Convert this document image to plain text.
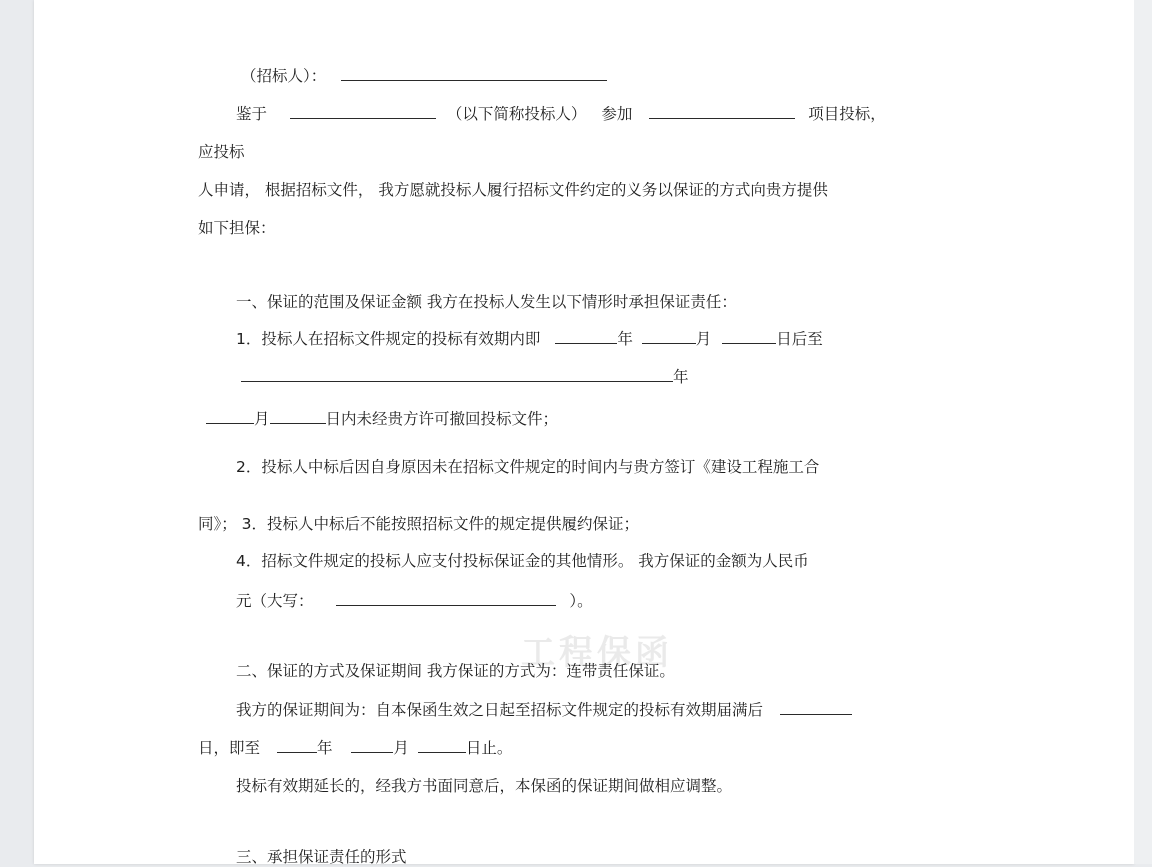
（招标人）：
鉴于	（以下简称投标人） 参加	项目投标，
应投标
人申请， 根据招标文件， 我方愿就投标人履行招标文件约定的义务以保证的方式向贵方提供
如下担保：
一、保证的范围及保证金额 我方在投标人发生以下情形时承担保证责任：
1．投标人在招标文件规定的投标有效期内即	年	月	日后至
年
月	日内未经贵方许可撤回投标文件；
2．投标人中标后因自身原因未在招标文件规定的时间内与贵方签订《建设工程施工合
同》； 3．投标人中标后不能按照招标文件的规定提供履约保证；
4．招标文件规定的投标人应支付投标保证金的其他情形。 我方保证的金额为人民币
元（大写：	）。
工程保函
二、保证的方式及保证期间 我方保证的方式为：连带责任保证。
我方的保证期间为：自本保函生效之日起至招标文件规定的投标有效期届满后
日，即至	年	月	日止。
投标有效期延长的，经我方书面同意后，本保函的保证期间做相应调整。
三、承担保证责任的形式
